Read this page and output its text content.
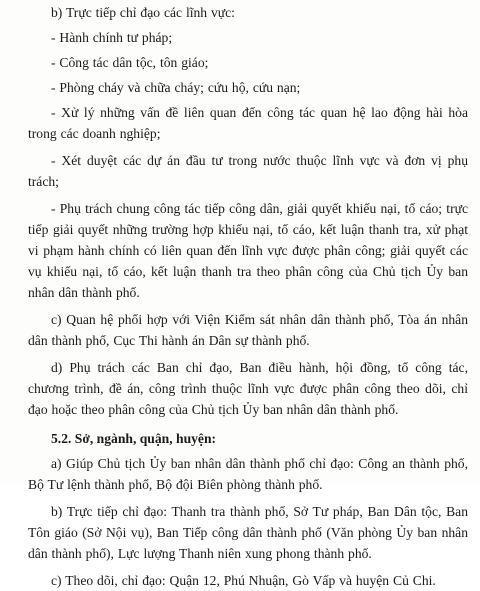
b) Trực tiếp chỉ đạo các lĩnh vực:

- Hành chính tư pháp;

- Công tác dân tộc, tôn giáo;

- Phòng cháy và chữa cháy; cứu hộ, cứu nạn;

- Xử lý những vấn đề liên quan đến công tác quan hệ lao động hài hòa trong các doanh nghiệp;

- Xét duyệt các dự án đầu tư trong nước thuộc lĩnh vực và đơn vị phụ trách;

- Phụ trách chung công tác tiếp công dân, giải quyết khiếu nại, tố cáo; trực tiếp giải quyết những trường hợp khiếu nại, tố cáo, kết luận thanh tra, xử phạt vi phạm hành chính có liên quan đến lĩnh vực được phân công; giải quyết các vụ khiếu nại, tố cáo, kết luận thanh tra theo phân công của Chủ tịch Ủy ban nhân dân thành phố.

c) Quan hệ phối hợp với Viện Kiểm sát nhân dân thành phố, Tòa án nhân dân thành phố, Cục Thi hành án Dân sự thành phố.

d) Phụ trách các Ban chỉ đạo, Ban điều hành, hội đồng, tổ công tác, chương trình, đề án, công trình thuộc lĩnh vực được phân công theo dõi, chỉ đạo hoặc theo phân công của Chủ tịch Ủy ban nhân dân thành phố.

5.2. Sở, ngành, quận, huyện:

a) Giúp Chủ tịch Ủy ban nhân dân thành phố chỉ đạo: Công an thành phố, Bộ Tư lệnh thành phố, Bộ đội Biên phòng thành phố.

b) Trực tiếp chỉ đạo: Thanh tra thành phố, Sở Tư pháp, Ban Dân tộc, Ban Tôn giáo (Sở Nội vụ), Ban Tiếp công dân thành phố (Văn phòng Ủy ban nhân dân thành phố), Lực lượng Thanh niên xung phong thành phố.

c) Theo dõi, chỉ đạo: Quận 12, Phú Nhuận, Gò Vấp và huyện Củ Chi.
